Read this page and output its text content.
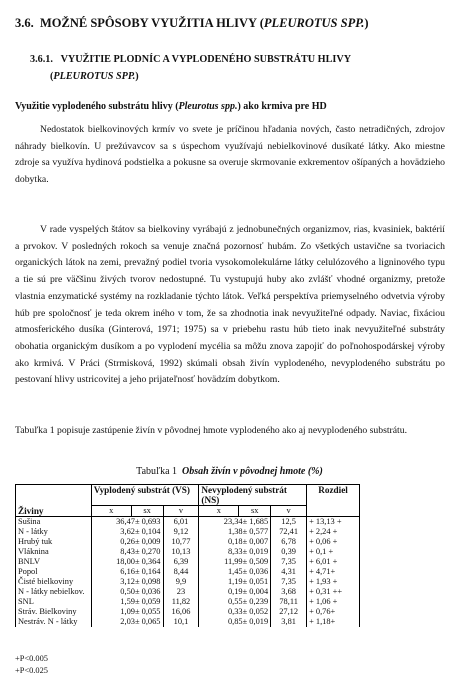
3.6. MOŽNÉ SPÔSOBY VYUŽITIA HLIVY (PLEUROTUS SPP.)
3.6.1. VYUŽITIE PLODNÍC A VYPLODENÉHO SUBSTRÁTU HLIVY
(PLEUROTUS SPP.)
Využitie vyplodeného substrátu hlivy (Pleurotus spp.) ako krmiva pre HD

Nedostatok bielkovinových krmív vo svete je príčinou hľadania nových, často netradičných, zdrojov náhrady bielkovín. U prežúvavcov sa s úspechom využívajú nebielkovinové dusíkaté látky. Ako miestne zdroje sa využíva hydinová podstielka a pokusne sa overuje skrmovanie exkrementov ošípaných a hovädzieho dobytka.

V rade vyspelých štátov sa bielkoviny vyrábajú z jednobunečných organizmov, rias, kvasiniek, baktérií a prvokov. V posledných rokoch sa venuje značná pozornosť hubám. Zo všetkých ustavične sa tvoriacich organických látok na zemi, prevažný podiel tvoria vysokomolekulárne látky celulózového a ligninového typu a tie sú pre väčšinu živých tvorov nedostupné. Tu vystupujú huby ako zvlášť vhodné organizmy, pretože vlastnia enzymatické systémy na rozkladanie týchto látok. Veľká perspektíva priemyselného odvetvia výroby húb pre spoločnosť je teda okrem iného v tom, že sa zhodnotia inak nevyužiteľné odpady. Naviac, fixáciou atmosferického dusíka (Ginterová, 1971; 1975) sa v priebehu rastu húb tieto inak nevyužiteľné substráty obohatia organickým dusíkom a po vyplodení mycélia sa môžu znova zapojiť do poľnohospodárskej výroby ako krmivá. V Práci (Strmisková, 1992) skúmali obsah živín vyplodeného, nevyplodeného substrátu po pestovaní hlivy ustricovitej a jeho prijateľnosť hovädzím dobytkom.

Tabuľka 1 popisuje zastúpenie živín v pôvodnej hmote vyplodeného ako aj nevyplodeného substrátu.

Tabuľka 1 Obsah živín v pôvodnej hmote (%)
Živiny	Vyplodený substrát (VS)			Nevyplodený substrát (NS)			Rozdiel
	x	sx	v	x	sx	v	
Sušina	36,47± 0,693		6,01	23,34± 1,685		12,5	+ 13,13 +
N - látky	3,62± 0,104		9,12	1,38± 0,577		72,41	+ 2,24 +
Hrubý tuk	0,26± 0,009		10,77	0,18± 0,007		6,78	+ 0,06 +
Vláknina	8,43± 0,270		10,13	8,33± 0,019		0,39	+ 0,1 +
BNLV	18,00± 0,364		6,39	11,99± 0,509		7,35	+ 6,01 +
Popol	6,16± 0,164		8,44	1,45± 0,036		4,31	+ 4,71+
Čisté bielkoviny	3,12± 0,098		9,9	1,19± 0,051		7,35	+ 1,93 +
N - látky nebielkov.	0,50± 0,036		23	0,19± 0,004		3,68	+ 0,31 ++
SNL	1,59± 0,059		11,82	0,55± 0,239		78,11	+ 1,06 +
Stráv. Bielkoviny	1,09± 0,055		16,06	0,33± 0,052		27,12	+ 0,76+
Nestráv. N - látky	2,03± 0,065		10,1	0,85± 0,019		3,81	+ 1,18+
+P<0.005
+P<0.025
